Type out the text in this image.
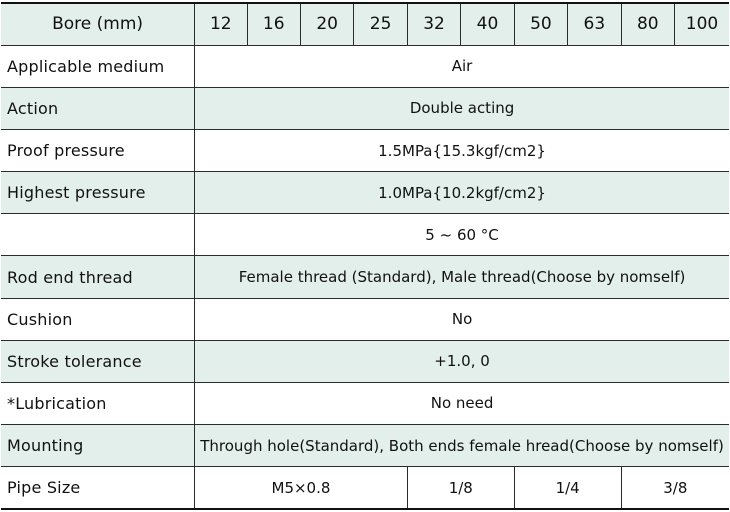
Bore (mm)	12	16	20	25	32	40	50	63	80	100
Applicable medium	Air									
Action	Double acting									
Proof pressure	1.5MPa{15.3kgf/cm2}									
Highest pressure	1.0MPa{10.2kgf/cm2}									
	5 ~ 60 °C									
Rod end thread	Female thread (Standard), Male thread(Choose by nomself)									
Cushion	No									
Stroke tolerance	+1.0, 0									
*Lubrication	No need									
Mounting	Through hole(Standard), Both ends female hread(Choose by nomself)									
Pipe Size	M5×0.8				1/8		1/4		3/8	
